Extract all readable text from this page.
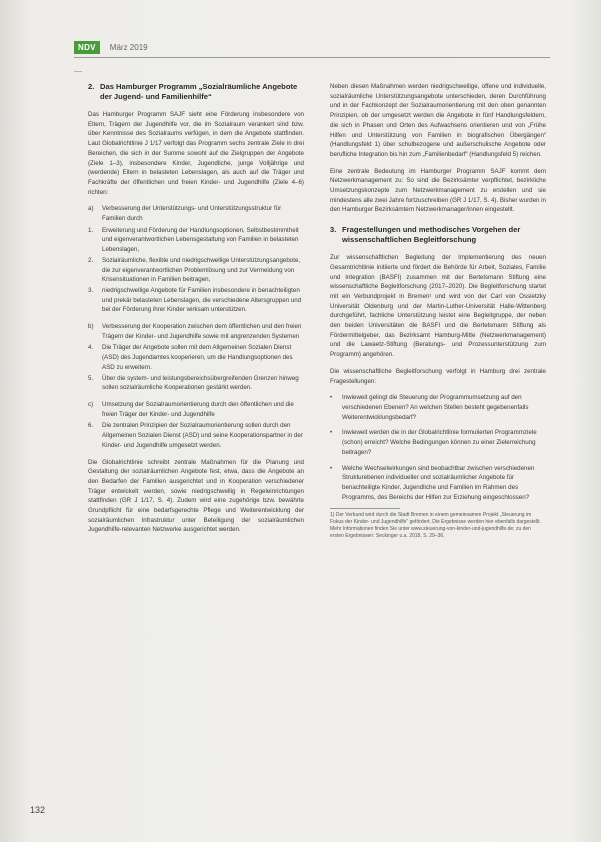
NDV	März 2019
2. Das Hamburger Programm „Sozialräumliche Angebote der Jugend- und Familienhilfe“

Das Hamburger Programm SAJF sieht eine Förderung insbesondere von Eltern, Trägern der Jugendhilfe vor, die im Sozialraum verankert sind bzw. über Kenntnisse des Sozialraums verfügen, in dem die Angebote stattfinden. Laut Globalrichtlinie J 1/17 verfolgt das Programm sechs zentrale Ziele in drei Bereichen, die sich in der Summe sowohl auf die Zielgruppen der Angebote (Ziele 1–3), insbesondere Kinder, Jugendliche, junge Volljährige und (werdende) Eltern in belasteten Lebenslagen, als auch auf die Träger und Fachkräfte der öffentlichen und freien Kinder- und Jugendhilfe (Ziele 4–6) richten:

a)	Verbesserung der Unterstützungs- und Unterstützungsstruktur für Familien durch
1.	Erweiterung und Förderung der Handlungsoptionen, Selbstbestimmtheit und eigenverantwortlichen Lebensgestaltung von Familien in belasteten Lebenslagen,
2.	Sozialräumliche, flexible und niedrigschwellige Unterstützungsangebote, die zur eigenverantwortlichen Problemlösung und zur Vermeidung von Krisensituationen in Familien beitragen,
3.	niedrigschwellige Angebote für Familien insbesondere in benachteiligten und prekär belasteten Lebenslagen, die verschiedene Altersgruppen und bei der Förderung ihrer Kinder wirksam unterstützen.
b)	Verbesserung der Kooperation zwischen dem öffentlichen und den freien Trägern der Kinder- und Jugendhilfe sowie mit angrenzenden Systemen
4.	Die Träger der Angebote sollen mit dem Allgemeinen Sozialen Dienst (ASD) des Jugendamtes kooperieren, um die Handlungsoptionen des ASD zu erweitern.
5.	Über die system- und leistungsbereichsübergreifenden Grenzen hinweg sollen sozialräumliche Kooperationen gestärkt werden.
c)	Umsetzung der Sozialraumorientierung durch den öffentlichen und die freien Träger der Kinder- und Jugendhilfe
6.	Die zentralen Prinzipien der Sozialraumorientierung sollen durch den Allgemeinen Sozialen Dienst (ASD) und seine Kooperationspartner in der Kinder- und Jugendhilfe umgesetzt werden.

Die Globalrichtlinie schreibt zentrale Maßnahmen für die Planung und Gestaltung der sozialräumlichen Angebote fest, etwa, dass die Angebote an den Bedarfen der Familien ausgerichtet und in Kooperation verschiedener Träger entwickelt werden, sowie niedrigschwellig in Regeleinrichtungen stattfinden (GR J 1/17, S. 4). Zudem wird eine zugehörige bzw. bewährte Grundpflicht für eine bedarfsgerechte Pflege und Weiterentwicklung der sozialräumlichen Infrastruktur unter Beteiligung der sozialräumlichen Jugendhilfe-relevanten Netzwerke ausgerichtet werden.

Neben diesen Maßnahmen werden niedrigschwellige, offene und individuelle, sozialräumliche Unterstützungsangebote unterschieden, deren Durchführung und in der Fachkonzept der Sozialraumorientierung mit den oben genannten Prinzipien, ob der umgesetzt werden die Angebote in fünf Handlungsfeldern, die sich in Phasen und Orten des Aufwachsens orientieren und von „Frühe Hilfen und Unterstützung von Familien in biografischen Übergängen“ (Handlungsfeld 1) über schulbezogene und außerschulische Angebote oder berufliche Integration bis hin zum „Familienbedarf“ (Handlungsfeld 5) reichen.

Eine zentrale Bedeutung im Hamburger Programm SAJF kommt dem Netzwerkmanagement zu: So sind die Bezirksämter verpflichtet, bezirkliche Umsetzungskonzepte zum Netzwerkmanagement zu erstellen und sie mindestens alle zwei Jahre fortzuschreiben (GR J 1/17, S. 4). Bisher wurden in den Hamburger Bezirksämtern Netzwerkmanager/innen eingestellt.

3. Fragestellungen und methodisches Vorgehen der wissenschaftlichen Begleitforschung

Zur wissenschaftlichen Begleitung der Implementierung des neuen Gesamtrichtlinie initiierte und fördert die Behörde für Arbeit, Soziales, Familie und Integration (BASFI) zusammen mit der Bertelsmann Stiftung eine wissenschaftliche Begleitforschung (2017–2020). Die Begleitforschung startet mit ein Verbundprojekt in Bremen¹ und wird von der Carl von Ossietzky Universität Oldenburg und der Martin-Luther-Universität Halle-Wittenberg durchgeführt, fachliche Unterstützung leistet eine Begleitgruppe, der neben den beiden Universitäten die BASFI und die Bertelsmann Stiftung als Fördermittelgeber, das Bezirksamt Hamburg-Mitte (Netzwerkmanagement) und die Lawaetz-Stiftung (Beratungs- und Prozessunterstützung zum Programm) angehören.

Die wissenschaftliche Begleitforschung verfolgt in Hamburg drei zentrale Fragestellungen:

•	Inwieweit gelingt die Steuerung der Programmumsetzung auf den verschiedenen Ebenen? An welchen Stellen besteht gegebenenfalls Weiterentwicklungsbedarf?
•	Inwieweit werden die in der Globalrichtlinie formulierten Programmziele (schon) erreicht? Welche Bedingungen können zu einer Zielerreichung beitragen?
•	Welche Wechselwirkungen sind beobachtbar zwischen verschiedenen Strukturebenen individueller und sozialräumlicher Angebote für benachteiligte Kinder, Jugendliche und Familien im Rahmen des Programms, des Bereichs der Hilfen zur Erziehung eingeschlossen?
1) Der Verbund wird durch die Stadt Bremen in einem gemeinsamen Projekt „Steuerung im Fokus der Kinder- und Jugendhilfe“ gefördert. Die Ergebnisse werden hier ebenfalls dargestellt. Mehr Informationen finden Sie unter www.steuerung-von-kinder-und-jugendhilfe.de; zu den ersten Ergebnissen: Seckinger u.a. 2018, S. 29–36.
132
